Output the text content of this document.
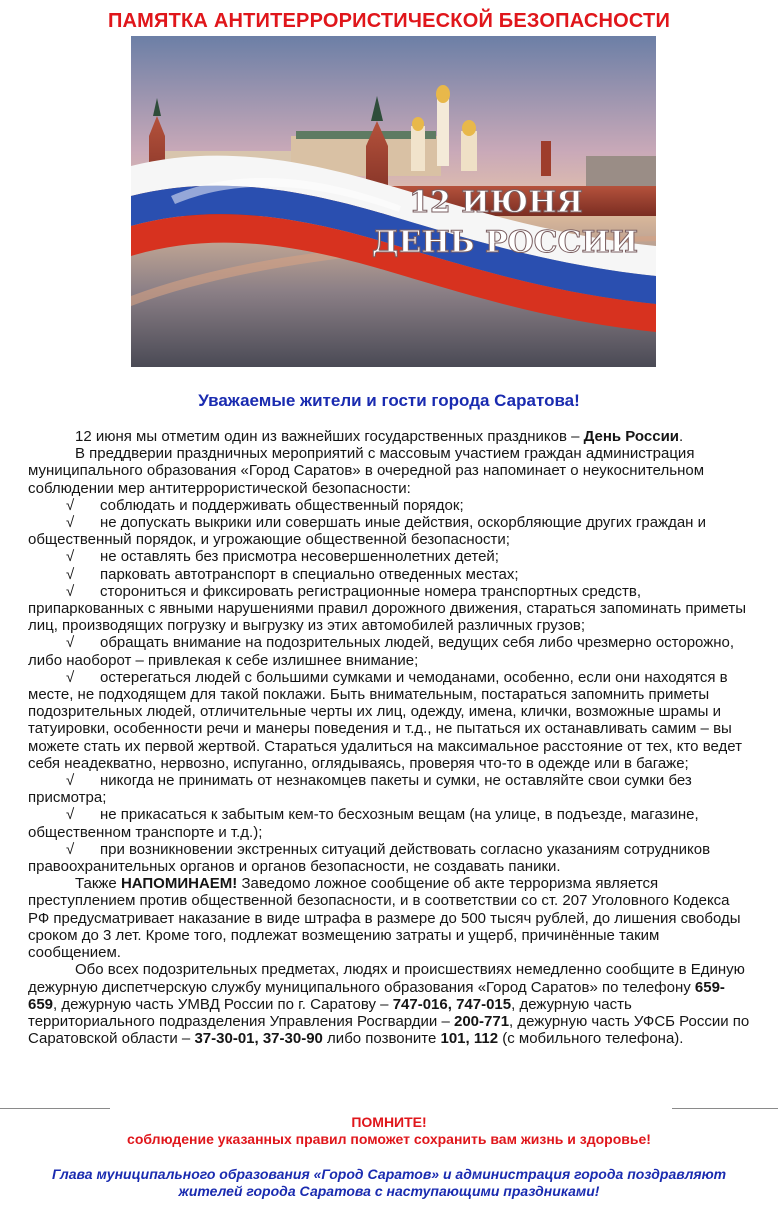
ПАМЯТКА АНТИТЕРРОРИСТИЧЕСКОЙ БЕЗОПАСНОСТИ
12 ИЮНЯ
ДЕНЬ РОССИИ
Уважаемые жители и гости города Саратова!

12 июня мы отметим один из важнейших государственных праздников – День России.

В преддверии праздничных мероприятий с массовым участием граждан администрация муниципального образования «Город Саратов» в очередной раз напоминает о неукоснительном соблюдении мер антитеррористической безопасности:

√ соблюдать и поддерживать общественный порядок;

√ не допускать выкрики или совершать иные действия, оскорбляющие других граждан и общественный порядок, и угрожающие общественной безопасности;

√ не оставлять без присмотра несовершеннолетних детей;

√ парковать автотранспорт в специально отведенных местах;

√ сторониться и фиксировать регистрационные номера транспортных средств, припаркованных с явными нарушениями правил дорожного движения, стараться запоминать приметы лиц, производящих погрузку и выгрузку из этих автомобилей различных грузов;

√ обращать внимание на подозрительных людей, ведущих себя либо чрезмерно осторожно, либо наоборот – привлекая к себе излишнее внимание;

√ остерегаться людей с большими сумками и чемоданами, особенно, если они находятся в месте, не подходящем для такой поклажи. Быть внимательным, постараться запомнить приметы подозрительных людей, отличительные черты их лиц, одежду, имена, клички, возможные шрамы и татуировки, особенности речи и манеры поведения и т.д., не пытаться их останавливать самим – вы можете стать их первой жертвой. Стараться удалиться на максимальное расстояние от тех, кто ведет себя неадекватно, нервозно, испуганно, оглядываясь, проверяя что-то в одежде или в багаже;

√ никогда не принимать от незнакомцев пакеты и сумки, не оставляйте свои сумки без присмотра;

√ не прикасаться к забытым кем-то бесхозным вещам (на улице, в подъезде, магазине, общественном транспорте и т.д.);

√ при возникновении экстренных ситуаций действовать согласно указаниям сотрудников правоохранительных органов и органов безопасности, не создавать паники.

Также НАПОМИНАЕМ! Заведомо ложное сообщение об акте терроризма является преступлением против общественной безопасности, и в соответствии со ст. 207 Уголовного Кодекса РФ предусматривает наказание в виде штрафа в размере до 500 тысяч рублей, до лишения свободы сроком до 3 лет. Кроме того, подлежат возмещению затраты и ущерб, причинённые таким сообщением.

Обо всех подозрительных предметах, людях и происшествиях немедленно сообщите в Единую дежурную диспетчерскую службу муниципального образования «Город Саратов» по телефону 659-659, дежурную часть УМВД России по г. Саратову – 747-016, 747-015, дежурную часть территориального подразделения Управления Росгвардии – 200-771, дежурную часть УФСБ России по Саратовской области – 37-30-01, 37-30-90 либо позвоните 101, 112 (с мобильного телефона).

ПОМНИТЕ!
соблюдение указанных правил поможет сохранить вам жизнь и здоровье!
Глава муниципального образования «Город Саратов» и администрация города поздравляют жителей города Саратова с наступающими праздниками!
